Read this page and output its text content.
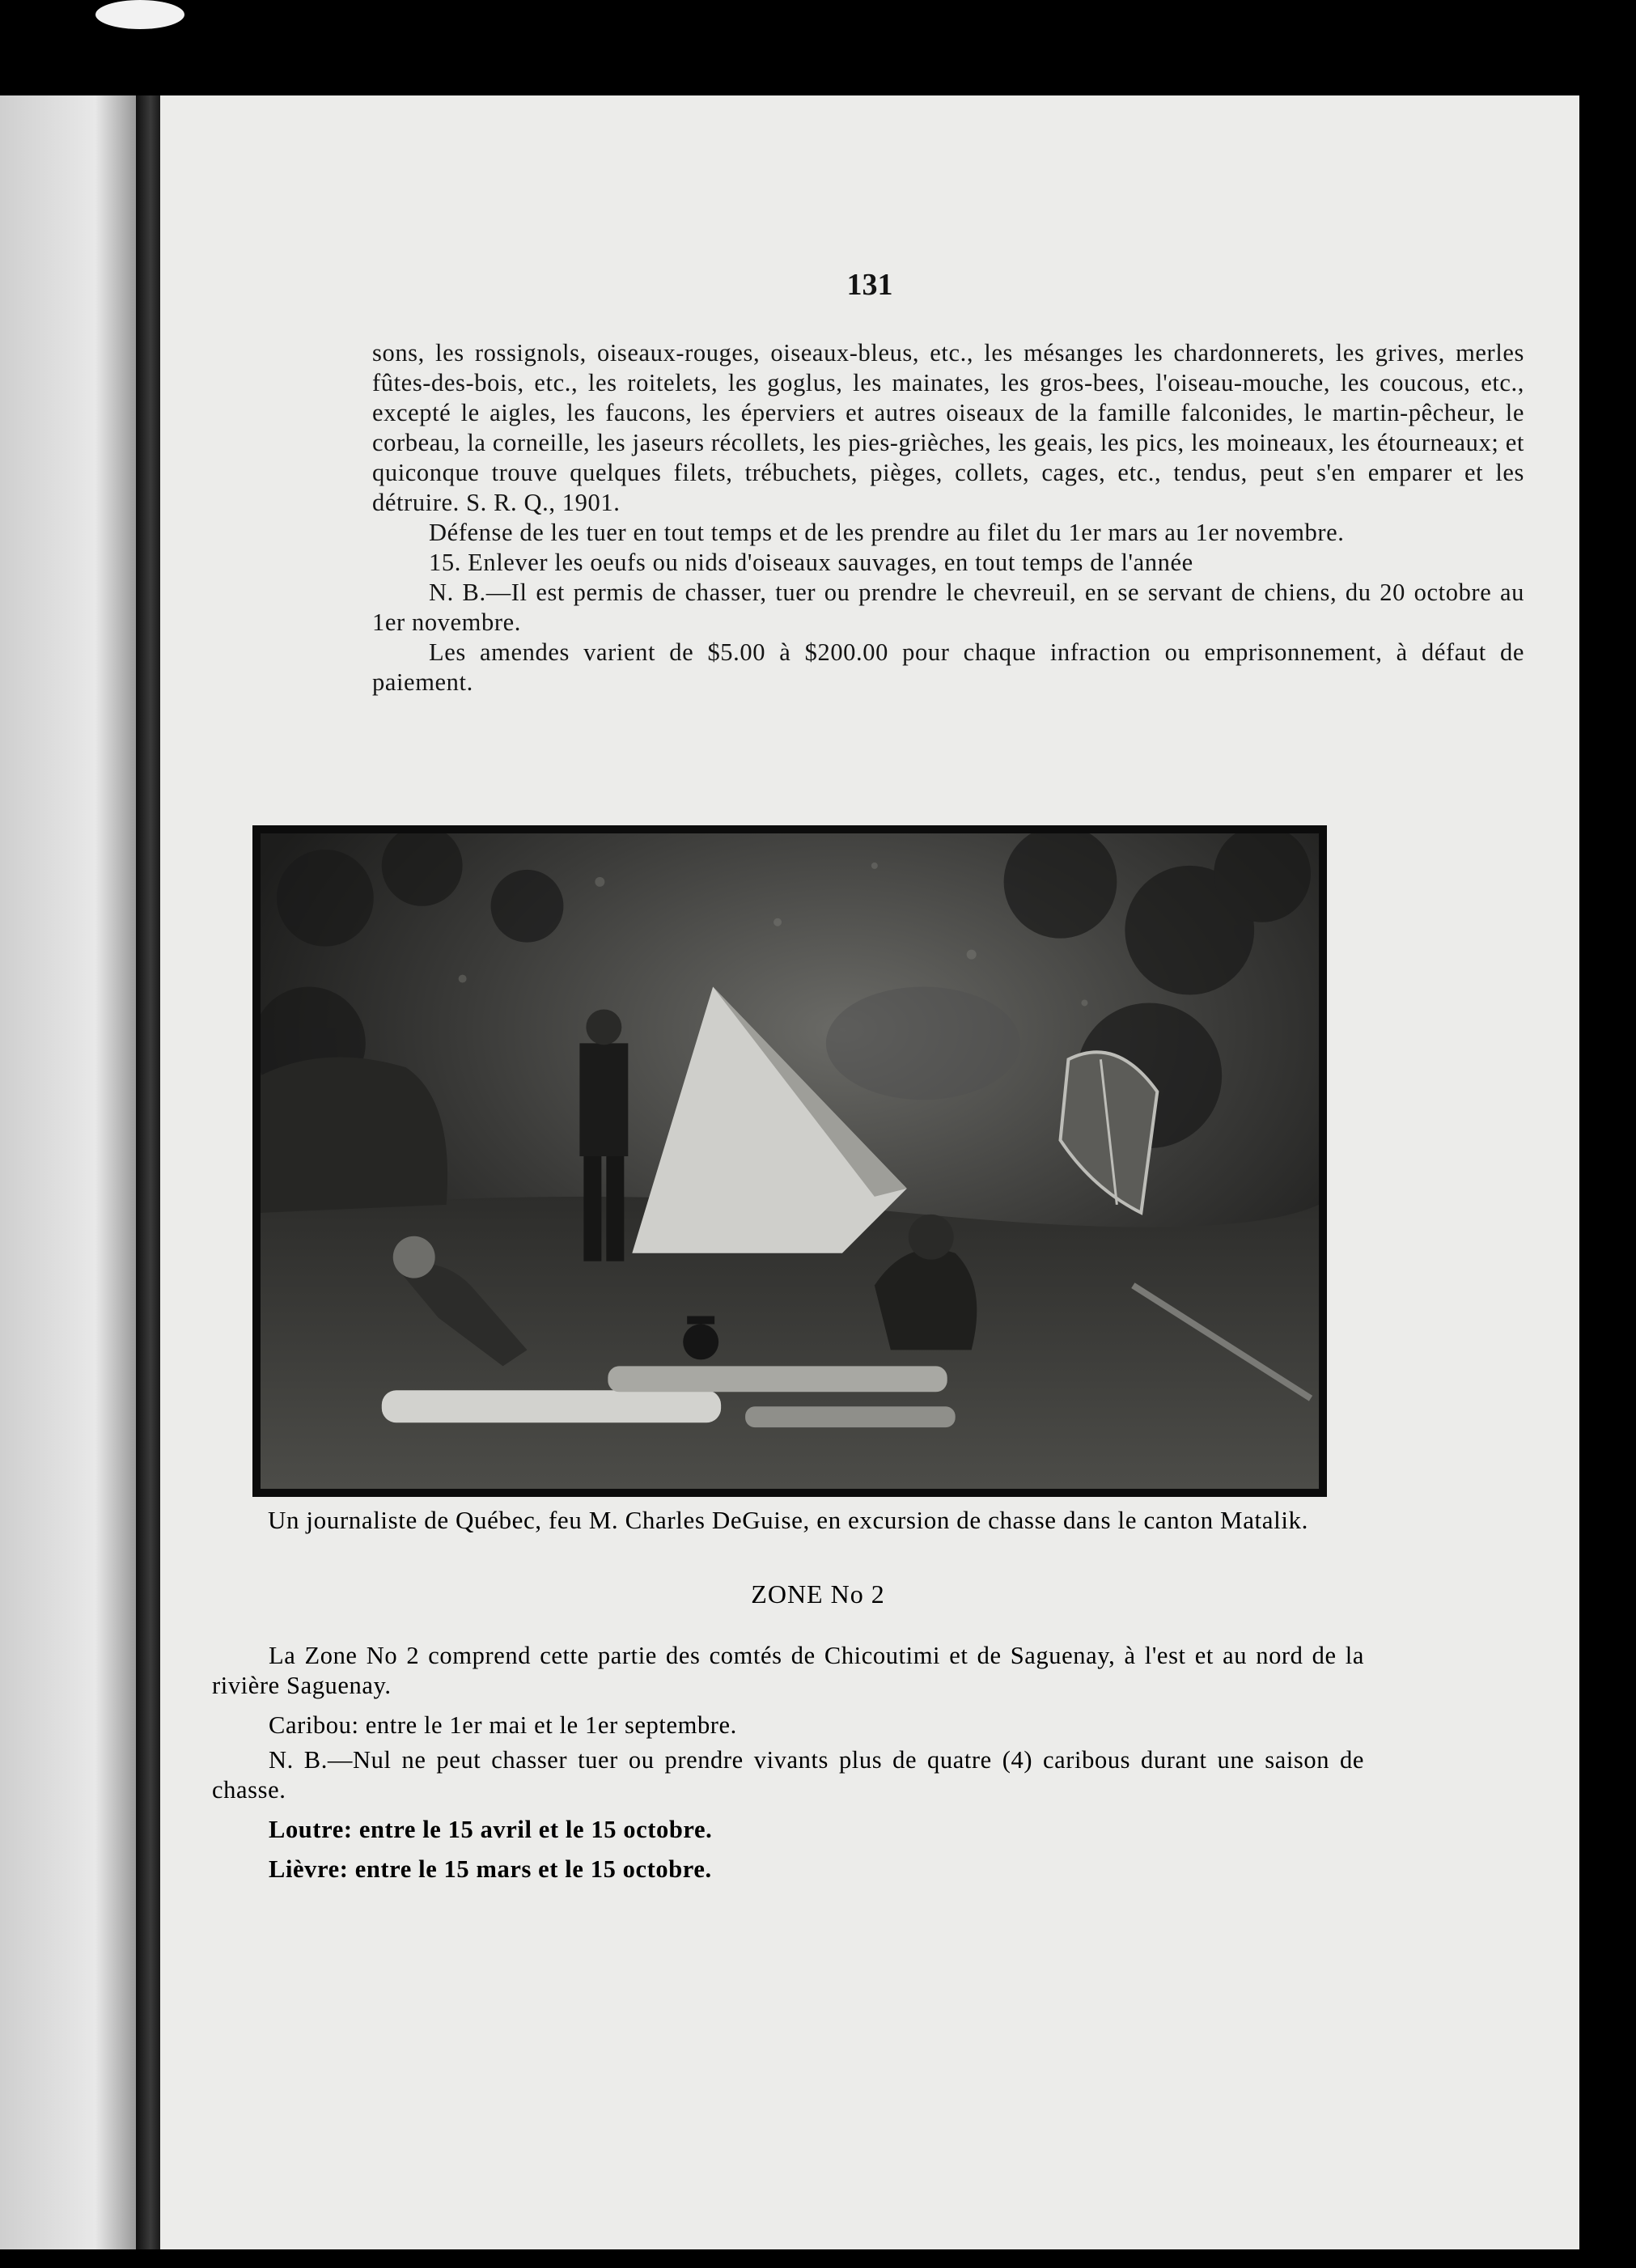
131

sons, les rossignols, oiseaux-rouges, oiseaux-bleus, etc., les mésanges les chardonnerets, les grives, merles fûtes-des-bois, etc., les roitelets, les goglus, les mainates, les gros-bees, l'oiseau-mouche, les coucous, etc., excepté le aigles, les faucons, les éperviers et autres oiseaux de la famille falconides, le martin-pêcheur, le corbeau, la corneille, les jaseurs récollets, les pies-grièches, les geais, les pics, les moineaux, les étourneaux; et quiconque trouve quelques filets, trébuchets, pièges, collets, cages, etc., tendus, peut s'en emparer et les détruire. S. R. Q., 1901.

Défense de les tuer en tout temps et de les prendre au filet du 1er mars au 1er novembre.

15. Enlever les oeufs ou nids d'oiseaux sauvages, en tout temps de l'année

N. B.—Il est permis de chasser, tuer ou prendre le chevreuil, en se servant de chiens, du 20 octobre au 1er novembre.

Les amendes varient de $5.00 à $200.00 pour chaque infraction ou emprisonnement, à défaut de paiement.

Un journaliste de Québec, feu M. Charles DeGuise, en excursion de chasse dans le canton Matalik.
ZONE No 2

La Zone No 2 comprend cette partie des comtés de Chicoutimi et de Saguenay, à l'est et au nord de la rivière Saguenay.

Caribou: entre le 1er mai et le 1er septembre.

N. B.—Nul ne peut chasser tuer ou prendre vivants plus de quatre (4) caribous durant une saison de chasse.

Loutre: entre le 15 avril et le 15 octobre.

Lièvre: entre le 15 mars et le 15 octobre.
